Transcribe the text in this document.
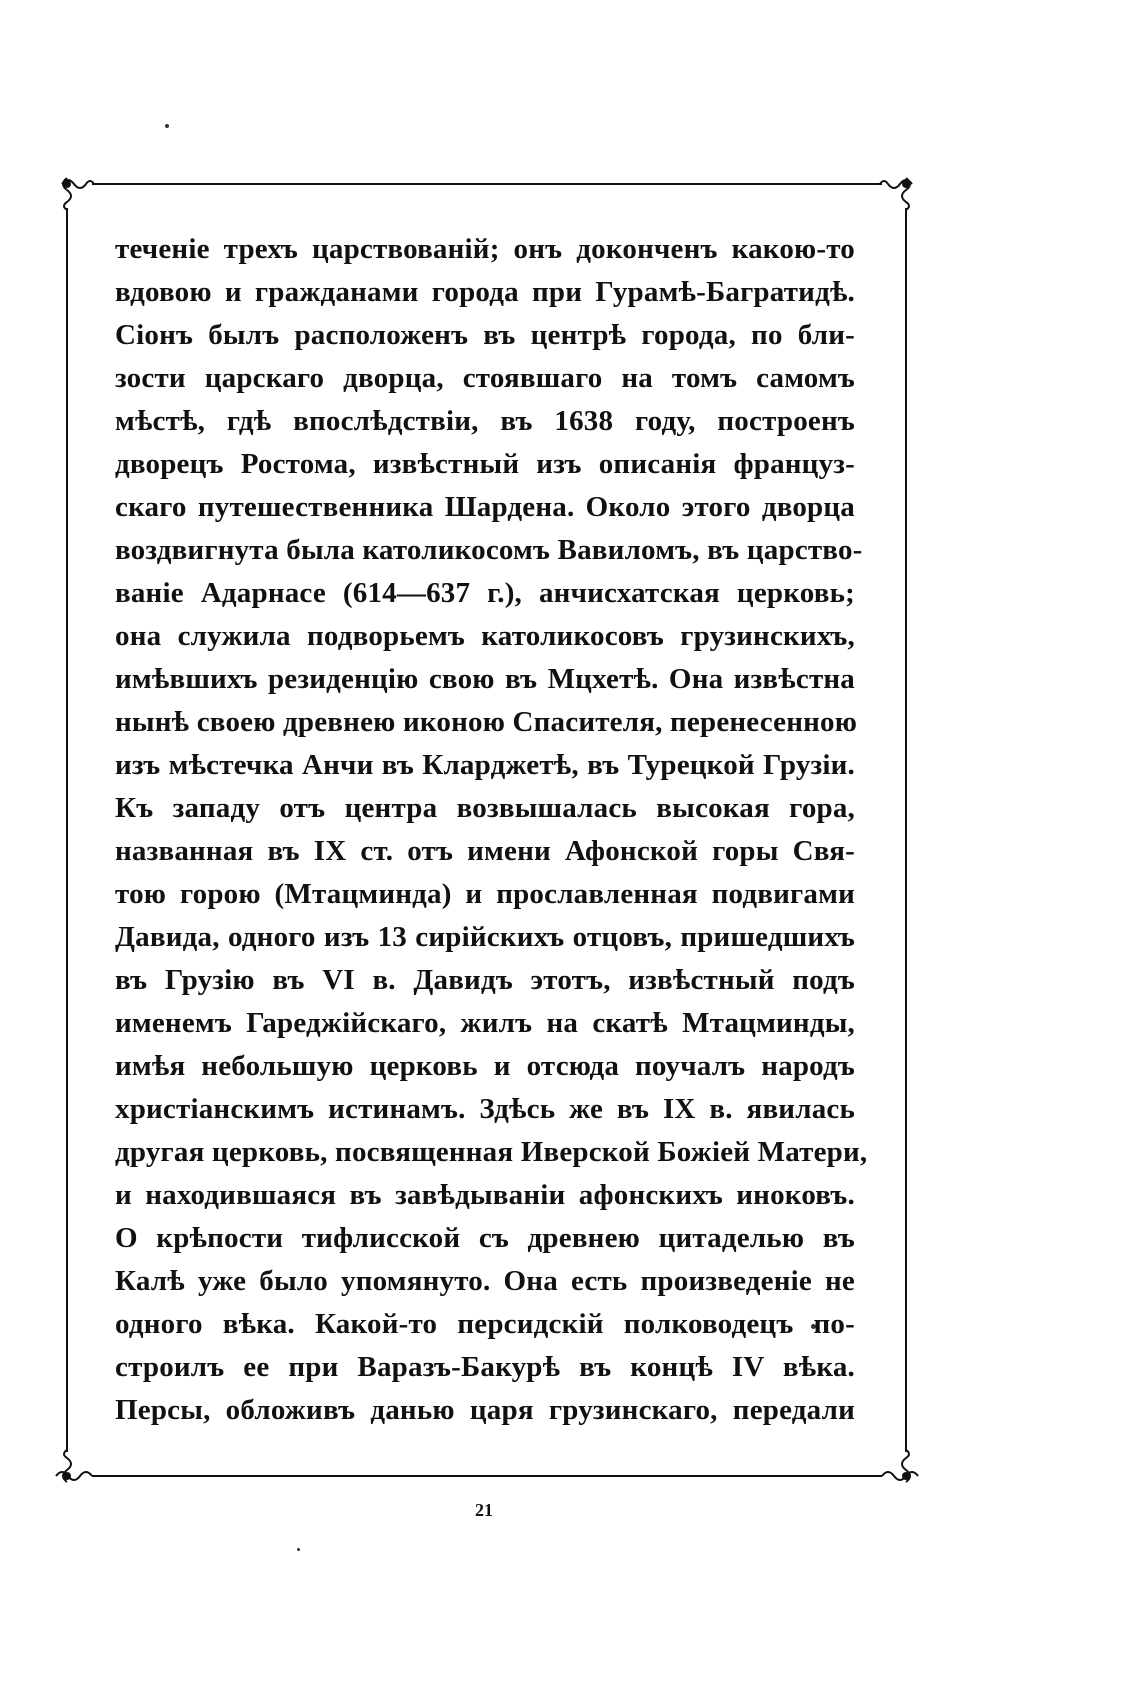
теченіе трехъ царствованій; онъ доконченъ какою-то
вдовою и гражданами города при Гурамѣ-Багратидѣ.
Сіонъ былъ расположенъ въ центрѣ города, по бли-
зости царскаго дворца, стоявшаго на томъ самомъ
мѣстѣ, гдѣ впослѣдствіи, въ 1638 году, построенъ
дворецъ Ростома, извѣстный изъ описанія француз-
скаго путешественника Шардена. Около этого дворца
воздвигнута была католикосомъ Вавиломъ, въ царство-
ваніе Адарнасе (614—637 г.), анчисхатская церковь;
она служила подворьемъ католикосовъ грузинскихъ,
имѣвшихъ резиденцію свою въ Мцхетѣ. Она извѣстна
нынѣ своею древнею иконою Спасителя, перенесенною
изъ мѣстечка Анчи въ Кларджетѣ, въ Турецкой Грузіи.
Къ западу отъ центра возвышалась высокая гора,
названная въ IX ст. отъ имени Афонской горы Свя-
тою горою (Мтацминда) и прославленная подвигами
Давида, одного изъ 13 сирійскихъ отцовъ, пришедшихъ
въ Грузію въ VI в. Давидъ этотъ, извѣстный подъ
именемъ Гареджійскаго, жилъ на скатѣ Мтацминды,
имѣя небольшую церковь и отсюда поучалъ народъ
христіанскимъ истинамъ. Здѣсь же въ IX в. явилась
другая церковь, посвященная Иверской Божіей Матери,
и находившаяся въ завѣдываніи афонскихъ иноковъ.
О крѣпости тифлисской съ древнею цитаделью въ
Калѣ уже было упомянуто. Она есть произведеніе не
одного вѣка. Какой-то персидскій полководецъ по-
строилъ ее при Варазъ-Бакурѣ въ концѣ IV вѣка.
Персы, обложивъ данью царя грузинскаго, передали
21
